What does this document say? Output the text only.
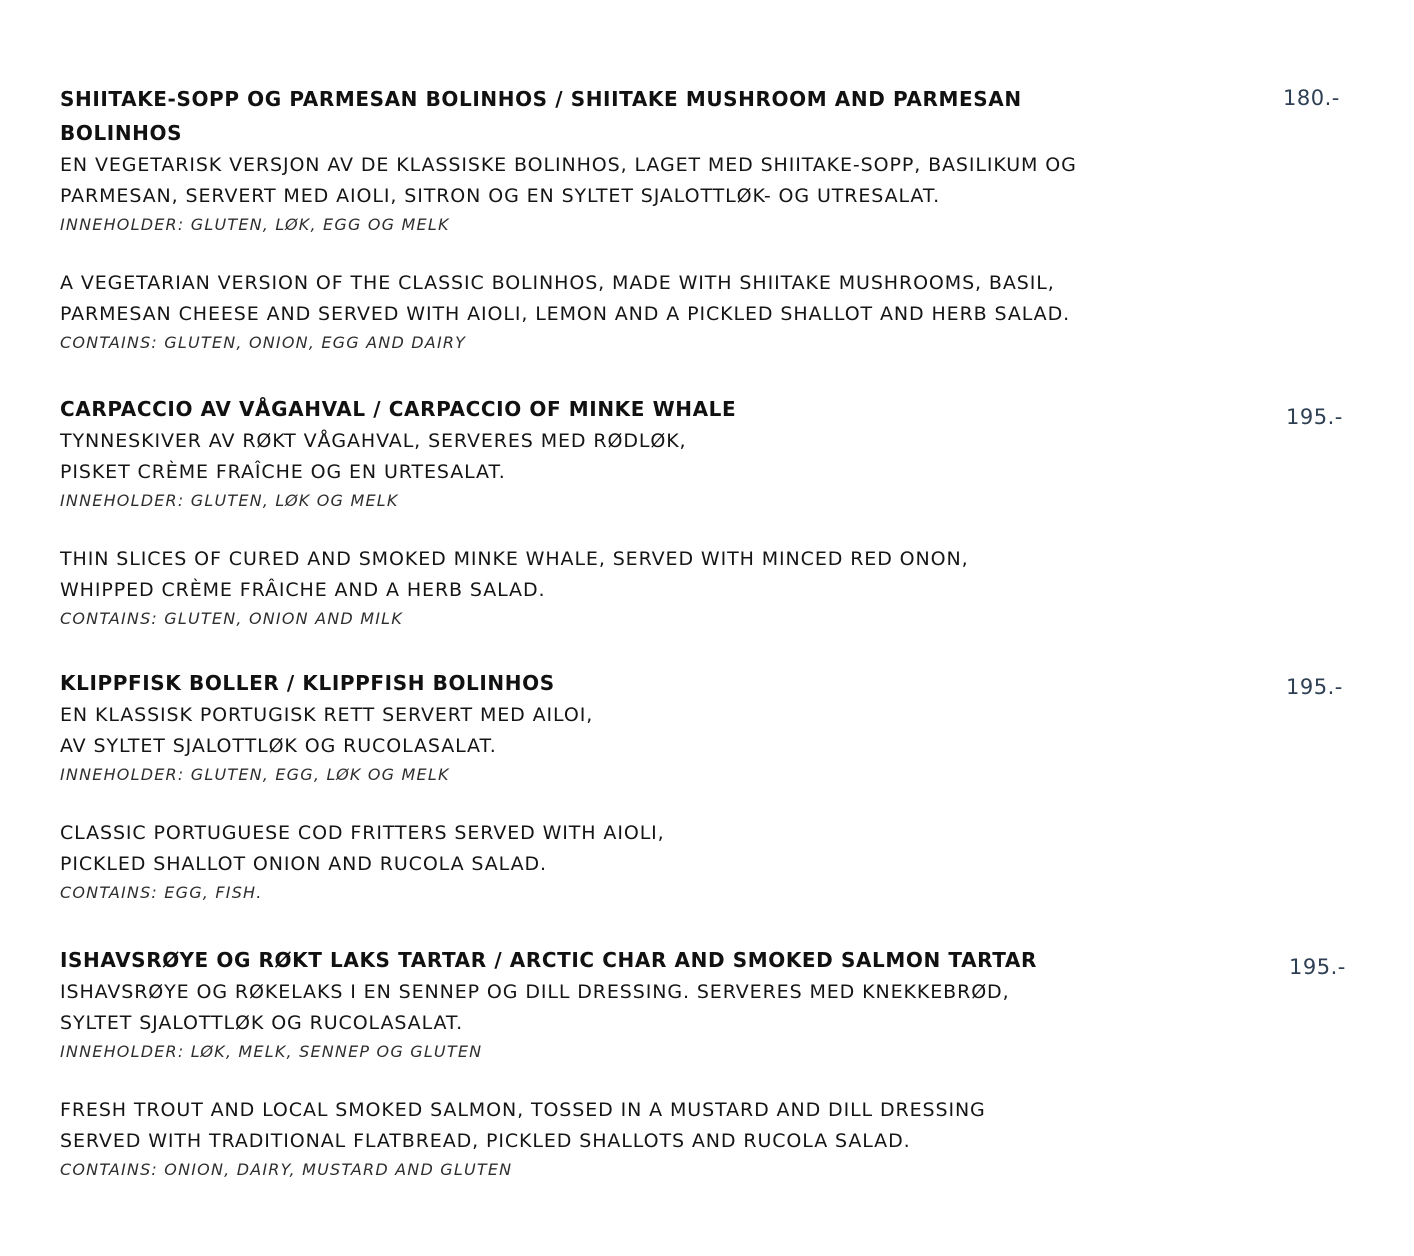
SHIITAKE-SOPP OG PARMESAN BOLINHOS / SHIITAKE MUSHROOM AND PARMESAN BOLINHOS

EN VEGETARISK VERSJON AV DE KLASSISKE BOLINHOS, LAGET MED SHIITAKE-SOPP, BASILIKUM OG
PARMESAN, SERVERT MED AIOLI, SITRON OG EN SYLTET SJALOTTLØK- OG UTRESALAT.

INNEHOLDER: GLUTEN, LØK, EGG OG MELK

A VEGETARIAN VERSION OF THE CLASSIC BOLINHOS, MADE WITH SHIITAKE MUSHROOMS, BASIL,
PARMESAN CHEESE AND SERVED WITH AIOLI, LEMON AND A PICKLED SHALLOT AND HERB SALAD.

CONTAINS: GLUTEN, ONION, EGG AND DAIRY

180.-

CARPACCIO AV VÅGAHVAL / CARPACCIO OF MINKE WHALE

TYNNESKIVER AV RØKT VÅGAHVAL, SERVERES MED RØDLØK,
PISKET CRÈME FRAÎCHE OG EN URTESALAT.

INNEHOLDER: GLUTEN, LØK OG MELK

THIN SLICES OF CURED AND SMOKED MINKE WHALE, SERVED WITH MINCED RED ONON,
WHIPPED CRÈME FRÂICHE AND A HERB SALAD.

CONTAINS: GLUTEN, ONION AND MILK

195.-

KLIPPFISK BOLLER / KLIPPFISH BOLINHOS

EN KLASSISK PORTUGISK RETT SERVERT MED AILOI,
AV SYLTET SJALOTTLØK OG RUCOLASALAT.

INNEHOLDER: GLUTEN, EGG, LØK OG MELK

CLASSIC PORTUGUESE COD FRITTERS SERVED WITH AIOLI,
PICKLED SHALLOT ONION AND RUCOLA SALAD.

CONTAINS: EGG, FISH.

195.-

ISHAVSRØYE OG RØKT LAKS TARTAR / ARCTIC CHAR AND SMOKED SALMON TARTAR

ISHAVSRØYE OG RØKELAKS I EN SENNEP OG DILL DRESSING. SERVERES MED KNEKKEBRØD,
SYLTET SJALOTTLØK OG RUCOLASALAT.

INNEHOLDER: LØK, MELK, SENNEP OG GLUTEN

FRESH TROUT AND LOCAL SMOKED SALMON, TOSSED IN A MUSTARD AND DILL DRESSING
SERVED WITH TRADITIONAL FLATBREAD, PICKLED SHALLOTS AND RUCOLA SALAD.

CONTAINS: ONION, DAIRY, MUSTARD AND GLUTEN

195.-
